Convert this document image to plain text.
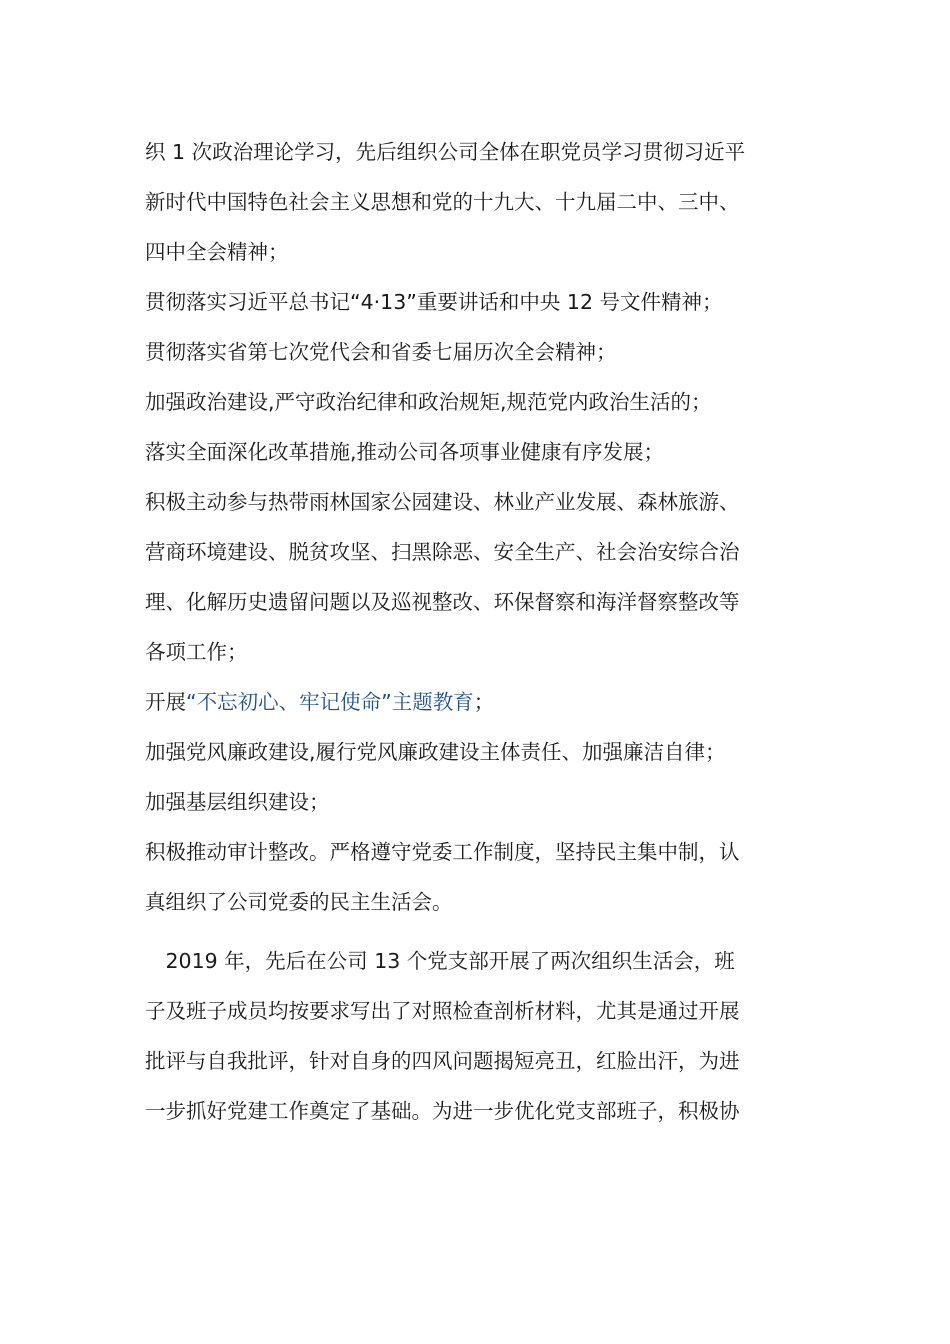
织 1 次政治理论学习，先后组织公司全体在职党员学习贯彻习近平
新时代中国特色社会主义思想和党的十九大、十九届二中、三中、
四中全会精神；
贯彻落实习近平总书记“4·13”重要讲话和中央 12 号文件精神；
贯彻落实省第七次党代会和省委七届历次全会精神；
加强政治建设,严守政治纪律和政治规矩,规范党内政治生活的；
落实全面深化改革措施,推动公司各项事业健康有序发展；
积极主动参与热带雨林国家公园建设、林业产业发展、森林旅游、
营商环境建设、脱贫攻坚、扫黑除恶、安全生产、社会治安综合治
理、化解历史遗留问题以及巡视整改、环保督察和海洋督察整改等
各项工作；
开展“不忘初心、牢记使命”主题教育；
加强党风廉政建设,履行党风廉政建设主体责任、加强廉洁自律；
加强基层组织建设；
积极推动审计整改。严格遵守党委工作制度，坚持民主集中制，认
真组织了公司党委的民主生活会。
　2019 年，先后在公司 13 个党支部开展了两次组织生活会，班
子及班子成员均按要求写出了对照检查剖析材料，尤其是通过开展
批评与自我批评，针对自身的四风问题揭短亮丑，红脸出汗，为进
一步抓好党建工作奠定了基础。为进一步优化党支部班子，积极协
